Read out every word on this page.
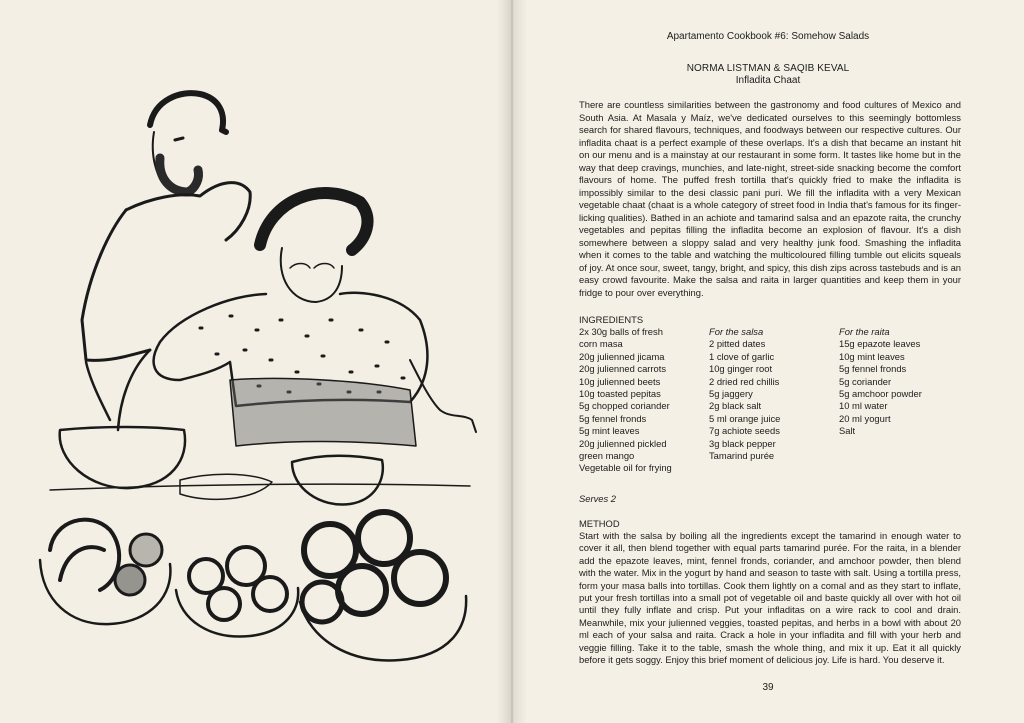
Apartamento Cookbook #6: Somehow Salads
NORMA LISTMAN & SAQIB KEVAL
Infladita Chaat
There are countless similarities between the gastronomy and food cultures of Mexico and South Asia. At Masala y Maíz, we've dedicated ourselves to this seemingly bottomless search for shared flavours, techniques, and foodways between our respective cultures. Our infladita chaat is a perfect example of these overlaps. It's a dish that became an instant hit on our menu and is a mainstay at our restaurant in some form. It tastes like home but in the way that deep cravings, munchies, and late-night, street-side snacking become the comfort flavours of home. The puffed fresh tortilla that's quickly fried to make the infladita is impossibly similar to the desi classic pani puri. We fill the infladita with a very Mexican vegetable chaat (chaat is a whole category of street food in India that's famous for its finger-licking qualities). Bathed in an achiote and tamarind salsa and an epazote raita, the crunchy vegetables and pepitas filling the infladita become an explosion of flavour. It's a dish somewhere between a sloppy salad and very healthy junk food. Smashing the infladita when it comes to the table and watching the multicoloured filling tumble out elicits squeals of joy. At once sour, sweet, tangy, bright, and spicy, this dish zips across tastebuds and is an easy crowd favourite. Make the salsa and raita in larger quantities and keep them in your fridge to pour over everything.
INGREDIENTS
2x 30g balls of fresh
corn masa
20g julienned jicama
20g julienned carrots
10g julienned beets
10g toasted pepitas
5g chopped coriander
5g fennel fronds
5g mint leaves
20g julienned pickled
green mango
Vegetable oil for frying
For the salsa
2 pitted dates
1 clove of garlic
10g ginger root
2 dried red chillis
5g jaggery
2g black salt
5 ml orange juice
7g achiote seeds
3g black pepper
Tamarind purée
For the raita
15g epazote leaves
10g mint leaves
5g fennel fronds
5g coriander
5g amchoor powder
10 ml water
20 ml yogurt
Salt
Serves 2
METHOD
Start with the salsa by boiling all the ingredients except the tamarind in enough water to cover it all, then blend together with equal parts tamarind purée. For the raita, in a blender add the epazote leaves, mint, fennel fronds, coriander, and amchoor powder, then blend with the water. Mix in the yogurt by hand and season to taste with salt. Using a tortilla press, form your masa balls into tortillas. Cook them lightly on a comal and as they start to inflate, put your fresh tortillas into a small pot of vegetable oil and baste quickly all over with hot oil until they fully inflate and crisp. Put your infladitas on a wire rack to cool and drain. Meanwhile, mix your julienned veggies, toasted pepitas, and herbs in a bowl with about 20 ml each of your salsa and raita. Crack a hole in your infladita and fill with your herb and veggie filling. Take it to the table, smash the whole thing, and mix it up. Eat it all quickly before it gets soggy. Enjoy this brief moment of delicious joy. Life is hard. You deserve it.
39
